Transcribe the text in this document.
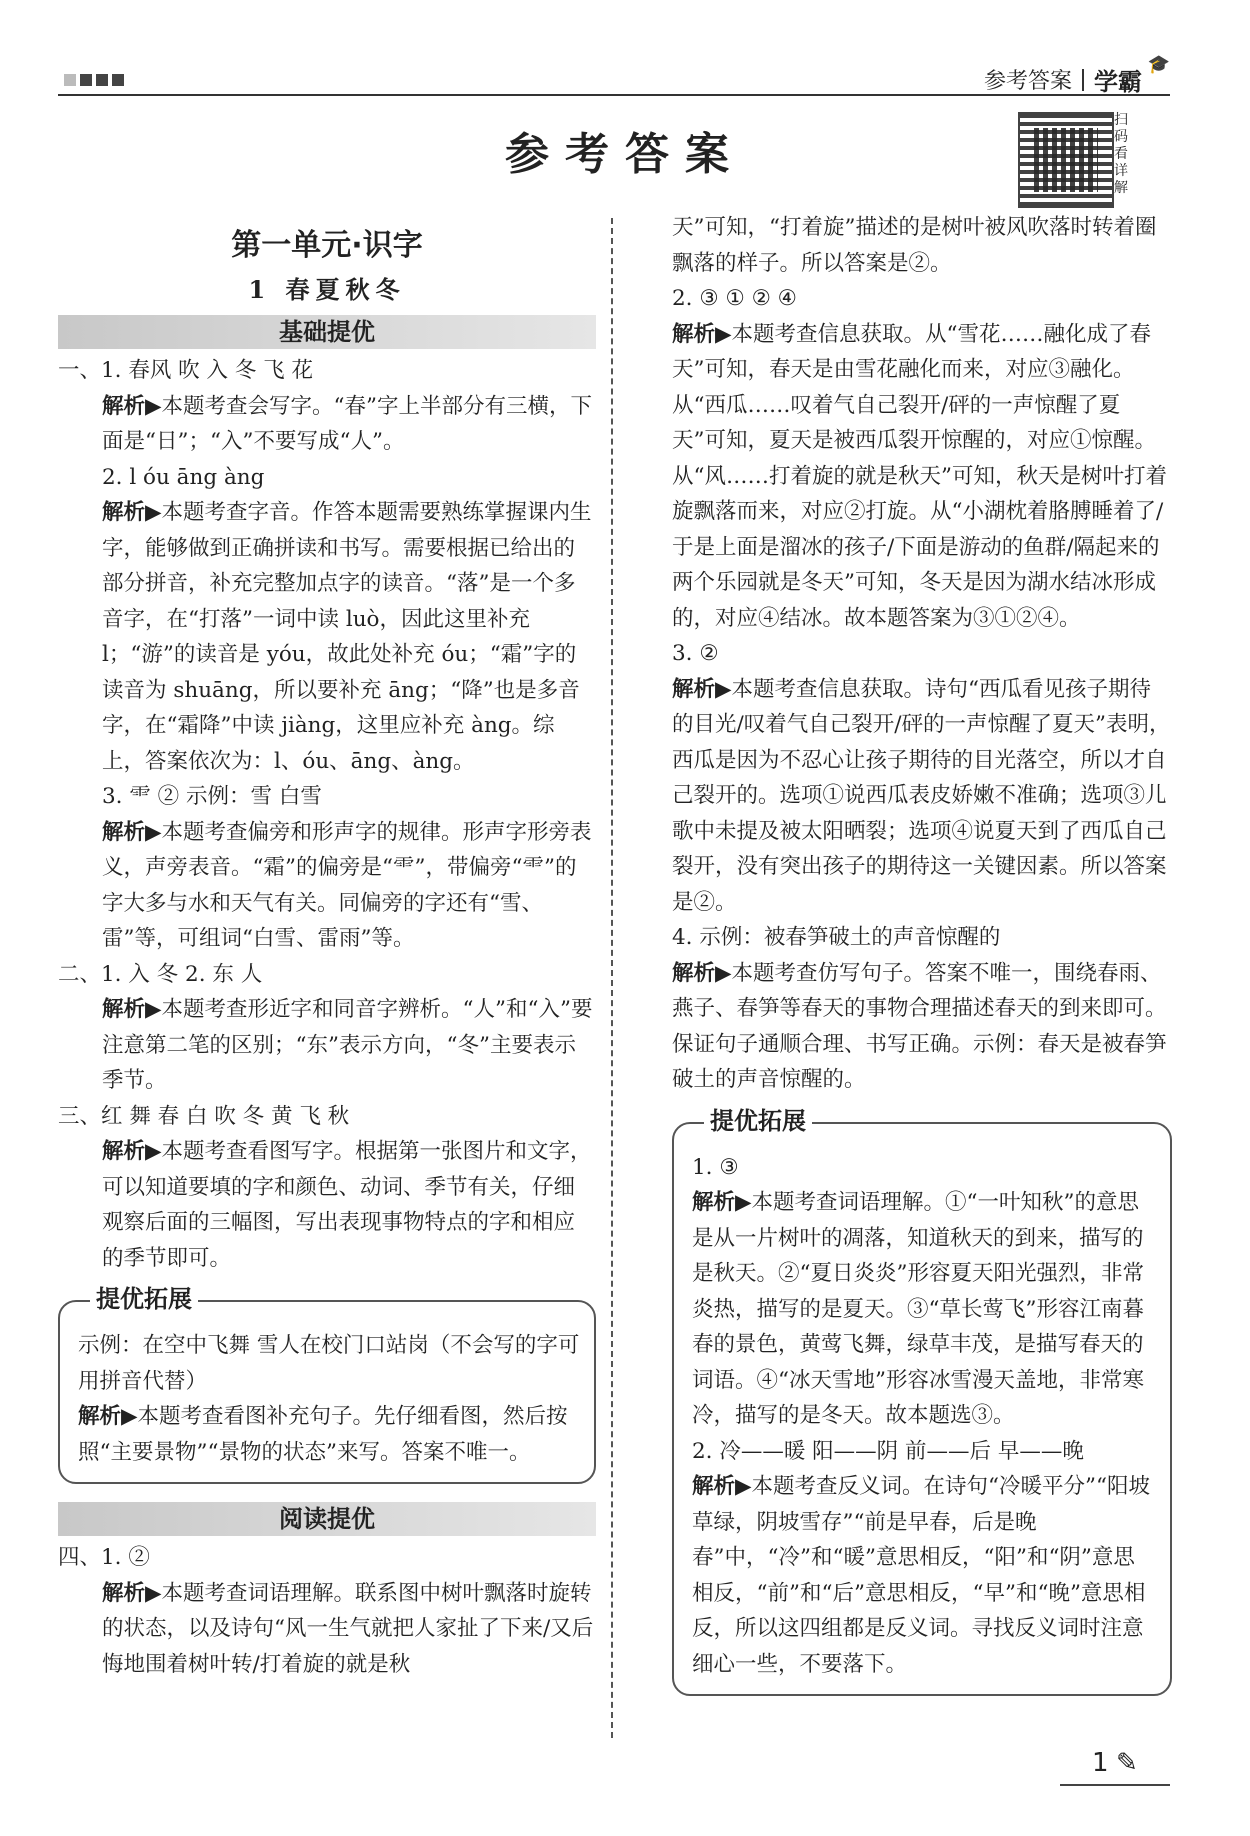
参考答案 学霸
🎓
参考答案
扫码看详解
第一单元·识字
1 春夏秋冬
基础提优

一、1. 春风 吹 入 冬 飞 花

解析▶本题考查会写字。“春”字上半部分有三横，下面是“日”；“入”不要写成“人”。

2. l óu āng àng

解析▶本题考查字音。作答本题需要熟练掌握课内生字，能够做到正确拼读和书写。需要根据已给出的部分拼音，补充完整加点字的读音。“落”是一个多音字，在“打落”一词中读 luò，因此这里补充 l；“游”的读音是 yóu，故此处补充 óu；“霜”字的读音为 shuāng，所以要补充 āng；“降”也是多音字，在“霜降”中读 jiàng，这里应补充 àng。综上，答案依次为：l、óu、āng、àng。

3. ⻗ ② 示例：雪 白雪

解析▶本题考查偏旁和形声字的规律。形声字形旁表义，声旁表音。“霜”的偏旁是“⻗”，带偏旁“⻗”的字大多与水和天气有关。同偏旁的字还有“雪、雷”等，可组词“白雪、雷雨”等。

二、1. 入 冬 2. 东 人

解析▶本题考查形近字和同音字辨析。“人”和“入”要注意第二笔的区别；“东”表示方向，“冬”主要表示季节。

三、红 舞 春 白 吹 冬 黄 飞 秋

解析▶本题考查看图写字。根据第一张图片和文字，可以知道要填的字和颜色、动词、季节有关，仔细观察后面的三幅图，写出表现事物特点的字和相应的季节即可。

提优拓展

示例：在空中飞舞 雪人在校门口站岗（不会写的字可用拼音代替）

解析▶本题考查看图补充句子。先仔细看图，然后按照“主要景物”“景物的状态”来写。答案不唯一。

阅读提优

四、1. ②

解析▶本题考查词语理解。联系图中树叶飘落时旋转的状态，以及诗句“风一生气就把人家扯了下来/又后悔地围着树叶转/打着旋的就是秋

天”可知，“打着旋”描述的是树叶被风吹落时转着圈飘落的样子。所以答案是②。

2. ③ ① ② ④

解析▶本题考查信息获取。从“雪花……融化成了春天”可知，春天是由雪花融化而来，对应③融化。从“西瓜……叹着气自己裂开/砰的一声惊醒了夏天”可知，夏天是被西瓜裂开惊醒的，对应①惊醒。从“风……打着旋的就是秋天”可知，秋天是树叶打着旋飘落而来，对应②打旋。从“小湖枕着胳膊睡着了/于是上面是溜冰的孩子/下面是游动的鱼群/隔起来的两个乐园就是冬天”可知，冬天是因为湖水结冰形成的，对应④结冰。故本题答案为③①②④。

3. ②

解析▶本题考查信息获取。诗句“西瓜看见孩子期待的目光/叹着气自己裂开/砰的一声惊醒了夏天”表明，西瓜是因为不忍心让孩子期待的目光落空，所以才自己裂开的。选项①说西瓜表皮娇嫩不准确；选项③儿歌中未提及被太阳晒裂；选项④说夏天到了西瓜自己裂开，没有突出孩子的期待这一关键因素。所以答案是②。

4. 示例：被春笋破土的声音惊醒的

解析▶本题考查仿写句子。答案不唯一，围绕春雨、燕子、春笋等春天的事物合理描述春天的到来即可。保证句子通顺合理、书写正确。示例：春天是被春笋破土的声音惊醒的。

提优拓展

1. ③

解析▶本题考查词语理解。①“一叶知秋”的意思是从一片树叶的凋落，知道秋天的到来，描写的是秋天。②“夏日炎炎”形容夏天阳光强烈，非常炎热，描写的是夏天。③“草长莺飞”形容江南暮春的景色，黄莺飞舞，绿草丰茂，是描写春天的词语。④“冰天雪地”形容冰雪漫天盖地，非常寒冷，描写的是冬天。故本题选③。

2. 冷——暖 阳——阴 前——后 早——晚

解析▶本题考查反义词。在诗句“冷暖平分”“阳坡草绿，阴坡雪存”“前是早春，后是晚春”中，“冷”和“暖”意思相反，“阳”和“阴”意思相反，“前”和“后”意思相反，“早”和“晚”意思相反，所以这四组都是反义词。寻找反义词时注意细心一些，不要落下。

1 ✎
